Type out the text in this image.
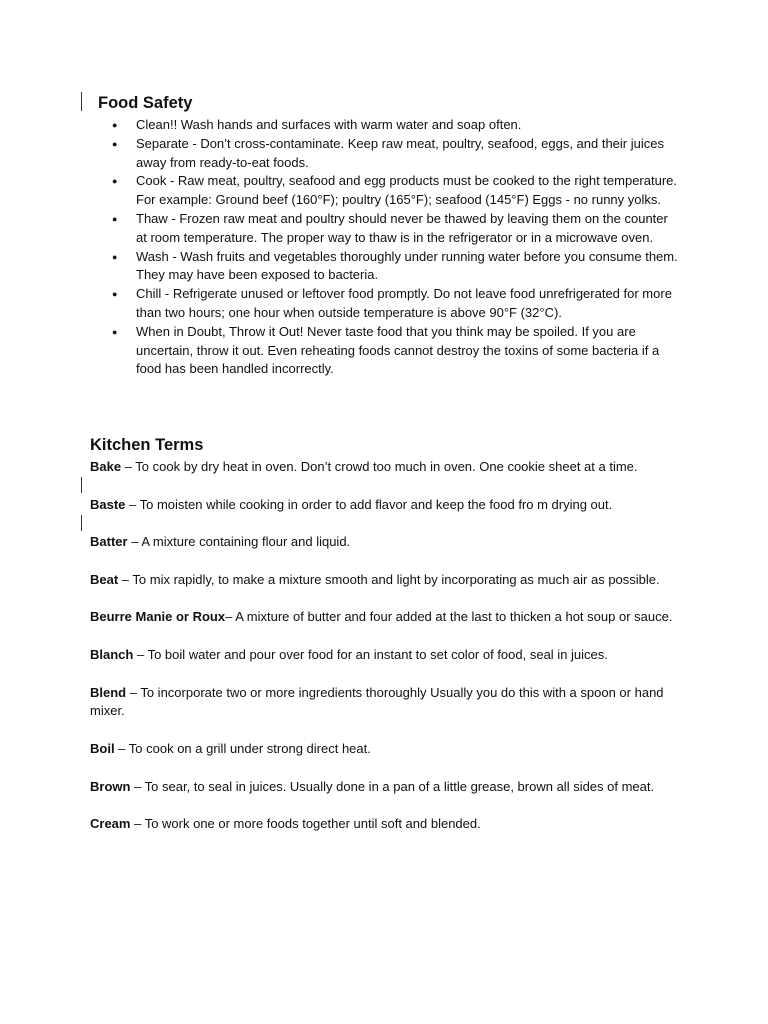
Food Safety
● Clean!! Wash hands and surfaces with warm water and soap often.
● Separate - Don’t cross-contaminate. Keep raw meat, poultry, seafood, eggs, and their juices away from ready-to-eat foods.
● Cook - Raw meat, poultry, seafood and egg products must be cooked to the right temperature. For example: Ground beef (160°F); poultry (165°F); seafood (145°F) Eggs - no runny yolks.
● Thaw - Frozen raw meat and poultry should never be thawed by leaving them on the counter at room temperature. The proper way to thaw is in the refrigerator or in a microwave oven.
● Wash - Wash fruits and vegetables thoroughly under running water before you consume them. They may have been exposed to bacteria.
● Chill - Refrigerate unused or leftover food promptly. Do not leave food unrefrigerated for more than two hours; one hour when outside temperature is above 90°F (32°C).
● When in Doubt, Throw it Out! Never taste food that you think may be spoiled. If you are uncertain, throw it out. Even reheating foods cannot destroy the toxins of some bacteria if a food has been handled incorrectly.
Kitchen Terms

Bake – To cook by dry heat in oven. Don’t crowd too much in oven. One cookie sheet at a time.

Baste – To moisten while cooking in order to add flavor and keep the food fro m drying out.

Batter – A mixture containing flour and liquid.

Beat – To mix rapidly, to make a mixture smooth and light by incorporating as much air as possible.

Beurre Manie or Roux– A mixture of butter and four added at the last to thicken a hot soup or sauce.

Blanch – To boil water and pour over food for an instant to set color of food, seal in juices.

Blend – To incorporate two or more ingredients thoroughly Usually you do this with a spoon or hand mixer.

Boil – To cook on a grill under strong direct heat.

Brown – To sear, to seal in juices. Usually done in a pan of a little grease, brown all sides of meat.

Cream – To work one or more foods together until soft and blended.
